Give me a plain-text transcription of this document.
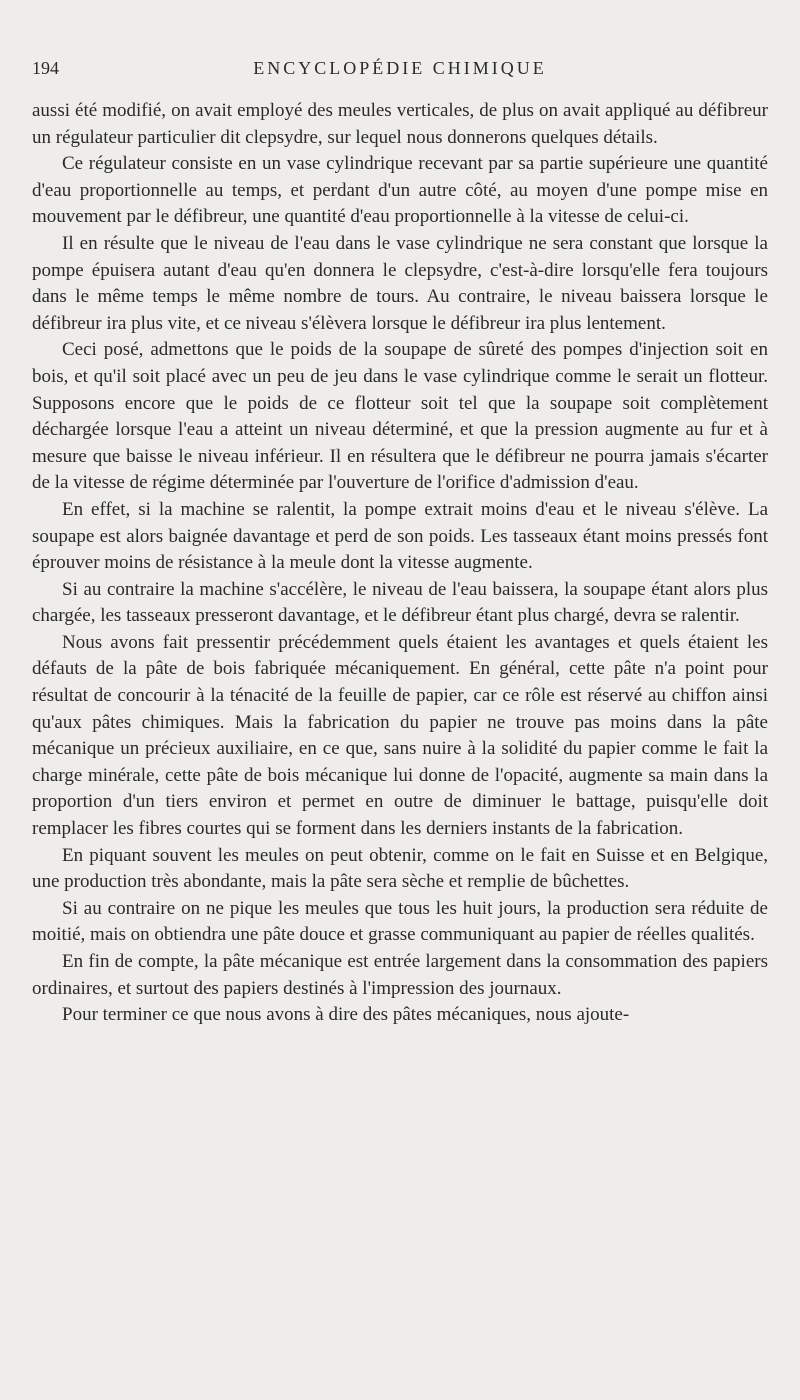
194	ENCYCLOPÉDIE CHIMIQUE

aussi été modifié, on avait employé des meules verticales, de plus on avait appliqué au défibreur un régulateur particulier dit clepsydre, sur lequel nous donnerons quelques détails.

Ce régulateur consiste en un vase cylindrique recevant par sa partie supérieure une quantité d'eau proportionnelle au temps, et perdant d'un autre côté, au moyen d'une pompe mise en mouvement par le défibreur, une quantité d'eau proportionnelle à la vitesse de celui-ci.

Il en résulte que le niveau de l'eau dans le vase cylindrique ne sera constant que lorsque la pompe épuisera autant d'eau qu'en donnera le clepsydre, c'est-à-dire lorsqu'elle fera toujours dans le même temps le même nombre de tours. Au contraire, le niveau baissera lorsque le défibreur ira plus vite, et ce niveau s'élèvera lorsque le défibreur ira plus lentement.

Ceci posé, admettons que le poids de la soupape de sûreté des pompes d'injection soit en bois, et qu'il soit placé avec un peu de jeu dans le vase cylindrique comme le serait un flotteur. Supposons encore que le poids de ce flotteur soit tel que la soupape soit complètement déchargée lorsque l'eau a atteint un niveau déterminé, et que la pression augmente au fur et à mesure que baisse le niveau inférieur. Il en résultera que le défibreur ne pourra jamais s'écarter de la vitesse de régime déterminée par l'ouverture de l'orifice d'admission d'eau.

En effet, si la machine se ralentit, la pompe extrait moins d'eau et le niveau s'élève. La soupape est alors baignée davantage et perd de son poids. Les tasseaux étant moins pressés font éprouver moins de résistance à la meule dont la vitesse augmente.

Si au contraire la machine s'accélère, le niveau de l'eau baissera, la soupape étant alors plus chargée, les tasseaux presseront davantage, et le défibreur étant plus chargé, devra se ralentir.

Nous avons fait pressentir précédemment quels étaient les avantages et quels étaient les défauts de la pâte de bois fabriquée mécaniquement. En général, cette pâte n'a point pour résultat de concourir à la ténacité de la feuille de papier, car ce rôle est réservé au chiffon ainsi qu'aux pâtes chimiques. Mais la fabrication du papier ne trouve pas moins dans la pâte mécanique un précieux auxiliaire, en ce que, sans nuire à la solidité du papier comme le fait la charge minérale, cette pâte de bois mécanique lui donne de l'opacité, augmente sa main dans la proportion d'un tiers environ et permet en outre de diminuer le battage, puisqu'elle doit remplacer les fibres courtes qui se forment dans les derniers instants de la fabrication.

En piquant souvent les meules on peut obtenir, comme on le fait en Suisse et en Belgique, une production très abondante, mais la pâte sera sèche et remplie de bûchettes.

Si au contraire on ne pique les meules que tous les huit jours, la production sera réduite de moitié, mais on obtiendra une pâte douce et grasse communiquant au papier de réelles qualités.

En fin de compte, la pâte mécanique est entrée largement dans la consommation des papiers ordinaires, et surtout des papiers destinés à l'impression des journaux.

Pour terminer ce que nous avons à dire des pâtes mécaniques, nous ajoute-
